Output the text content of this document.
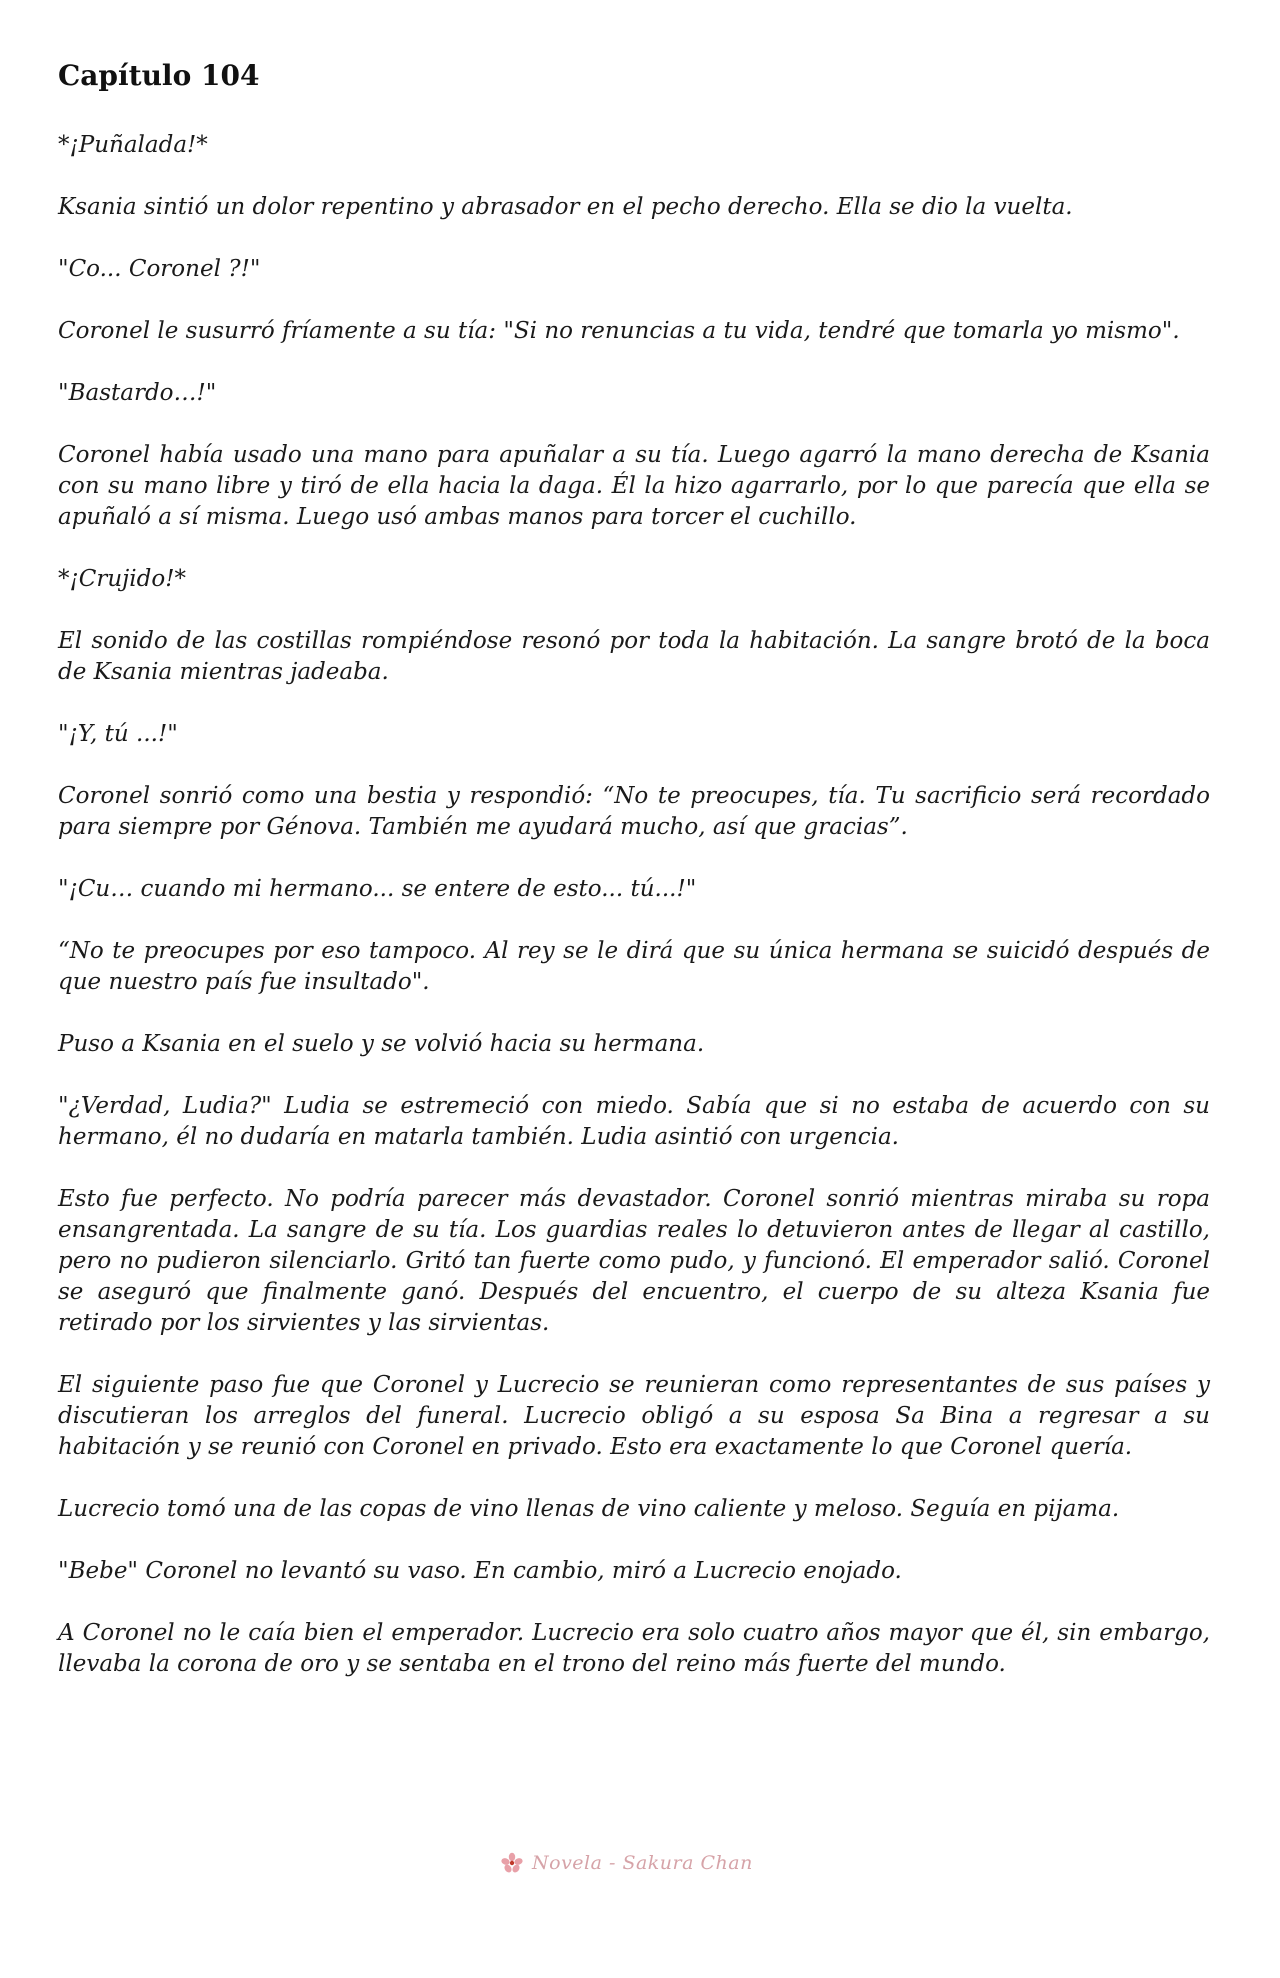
Capítulo 104

*¡Puñalada!*

Ksania sintió un dolor repentino y abrasador en el pecho derecho. Ella se dio la vuelta.

"Co... Coronel ?!"

Coronel le susurró fríamente a su tía: "Si no renuncias a tu vida, tendré que tomarla yo mismo".

"Bastardo…!"

Coronel había usado una mano para apuñalar a su tía. Luego agarró la mano derecha de Ksania con su mano libre y tiró de ella hacia la daga. Él la hizo agarrarlo, por lo que parecía que ella se apuñaló a sí misma. Luego usó ambas manos para torcer el cuchillo.

*¡Crujido!*

El sonido de las costillas rompiéndose resonó por toda la habitación. La sangre brotó de la boca de Ksania mientras jadeaba.

"¡Y, tú ...!"

Coronel sonrió como una bestia y respondió: “No te preocupes, tía. Tu sacrificio será recordado para siempre por Génova. También me ayudará mucho, así que gracias”.

"¡Cu… cuando mi hermano... se entere de esto... tú...!"

“No te preocupes por eso tampoco. Al rey se le dirá que su única hermana se suicidó después de que nuestro país fue insultado".

Puso a Ksania en el suelo y se volvió hacia su hermana.

"¿Verdad, Ludia?" Ludia se estremeció con miedo. Sabía que si no estaba de acuerdo con su hermano, él no dudaría en matarla también. Ludia asintió con urgencia.

Esto fue perfecto. No podría parecer más devastador. Coronel sonrió mientras miraba su ropa ensangrentada. La sangre de su tía. Los guardias reales lo detuvieron antes de llegar al castillo, pero no pudieron silenciarlo. Gritó tan fuerte como pudo, y funcionó. El emperador salió. Coronel se aseguró que finalmente ganó. Después del encuentro, el cuerpo de su alteza Ksania fue retirado por los sirvientes y las sirvientas.

El siguiente paso fue que Coronel y Lucrecio se reunieran como representantes de sus países y discutieran los arreglos del funeral. Lucrecio obligó a su esposa Sa Bina a regresar a su habitación y se reunió con Coronel en privado. Esto era exactamente lo que Coronel quería.

Lucrecio tomó una de las copas de vino llenas de vino caliente y meloso. Seguía en pijama.

"Bebe" Coronel no levantó su vaso. En cambio, miró a Lucrecio enojado.

A Coronel no le caía bien el emperador. Lucrecio era solo cuatro años mayor que él, sin embargo, llevaba la corona de oro y se sentaba en el trono del reino más fuerte del mundo.

Novela - Sakura Chan
